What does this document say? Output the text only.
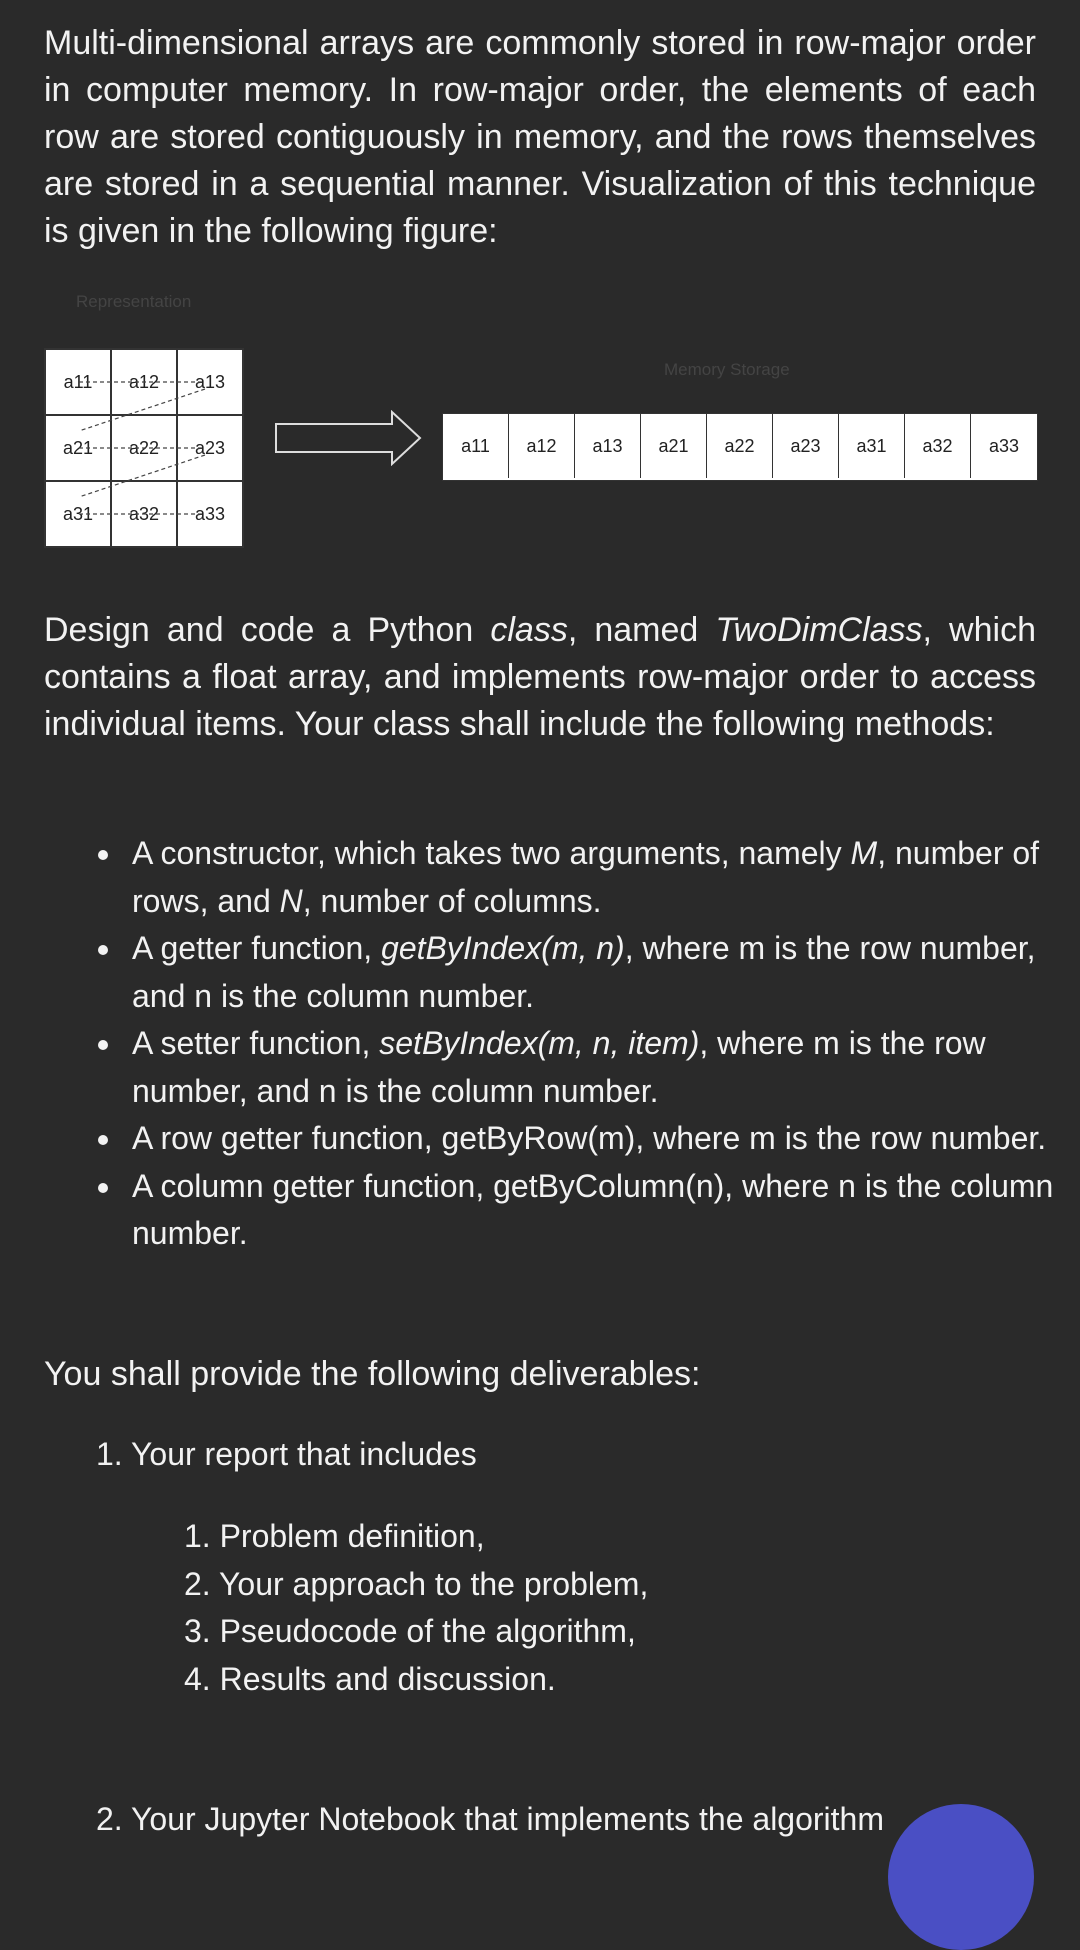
Multi-dimensional arrays are commonly stored in row-major order in computer memory. In row-major order, the elements of each row are stored contiguously in memory, and the rows themselves are stored in a sequential manner. Visualization of this technique is given in the following figure:

Representation
a11	a12	a13
a21	a22	a23
a31	a32	a33
Memory Storage
a11	a12	a13	a21	a22	a23	a31	a32	a33

Design and code a Python class, named TwoDimClass, which contains a float array, and implements row-major order to access individual items. Your class shall include the following methods:

A constructor, which takes two arguments, namely M, number of rows, and N, number of columns.
A getter function, getByIndex(m, n), where m is the row number, and n is the column number.
A setter function, setByIndex(m, n, item), where m is the row number, and n is the column number.
A row getter function, getByRow(m), where m is the row number.
A column getter function, getByColumn(n), where n is the column number.
You shall provide the following deliverables:
1. Your report that includes
1. Problem definition,
2. Your approach to the problem,
3. Pseudocode of the algorithm,
4. Results and discussion.
2. Your Jupyter Notebook that implements the algorithm
